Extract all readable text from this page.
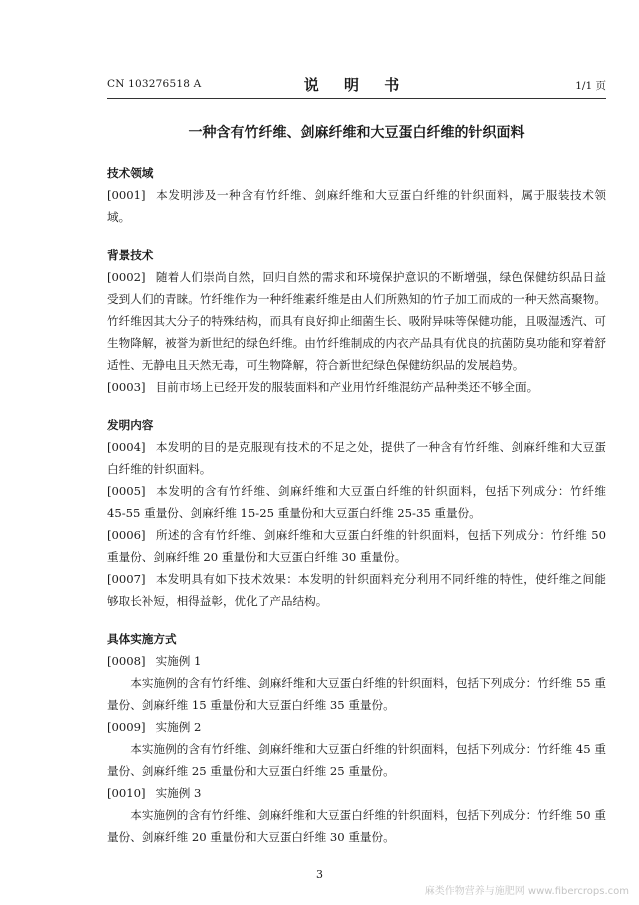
CN 103276518 A	说 明 书	1/1 页
一种含有竹纤维、剑麻纤维和大豆蛋白纤维的针织面料

技术领域

[0001] 本发明涉及一种含有竹纤维、剑麻纤维和大豆蛋白纤维的针织面料，属于服装技术领域。

背景技术

[0002] 随着人们崇尚自然，回归自然的需求和环境保护意识的不断增强，绿色保健纺织品日益受到人们的青睐。竹纤维作为一种纤维素纤维是由人们所熟知的竹子加工而成的一种天然高聚物。竹纤维因其大分子的特殊结构，而具有良好抑止细菌生长、吸附异味等保健功能，且吸湿透汽、可生物降解，被誉为新世纪的绿色纤维。由竹纤维制成的内衣产品具有优良的抗菌防臭功能和穿着舒适性、无静电且天然无毒，可生物降解，符合新世纪绿色保健纺织品的发展趋势。

[0003] 目前市场上已经开发的服装面料和产业用竹纤维混纺产品种类还不够全面。

发明内容

[0004] 本发明的目的是克服现有技术的不足之处，提供了一种含有竹纤维、剑麻纤维和大豆蛋白纤维的针织面料。

[0005] 本发明的含有竹纤维、剑麻纤维和大豆蛋白纤维的针织面料，包括下列成分：竹纤维 45-55 重量份、剑麻纤维 15-25 重量份和大豆蛋白纤维 25-35 重量份。

[0006] 所述的含有竹纤维、剑麻纤维和大豆蛋白纤维的针织面料，包括下列成分：竹纤维 50 重量份、剑麻纤维 20 重量份和大豆蛋白纤维 30 重量份。

[0007] 本发明具有如下技术效果：本发明的针织面料充分利用不同纤维的特性，使纤维之间能够取长补短，相得益彰，优化了产品结构。

具体实施方式

[0008] 实施例 1

本实施例的含有竹纤维、剑麻纤维和大豆蛋白纤维的针织面料，包括下列成分：竹纤维 55 重量份、剑麻纤维 15 重量份和大豆蛋白纤维 35 重量份。

[0009] 实施例 2

本实施例的含有竹纤维、剑麻纤维和大豆蛋白纤维的针织面料，包括下列成分：竹纤维 45 重量份、剑麻纤维 25 重量份和大豆蛋白纤维 25 重量份。

[0010] 实施例 3

本实施例的含有竹纤维、剑麻纤维和大豆蛋白纤维的针织面料，包括下列成分：竹纤维 50 重量份、剑麻纤维 20 重量份和大豆蛋白纤维 30 重量份。

3
麻类作物营养与施肥网 www.fibercrops.com
